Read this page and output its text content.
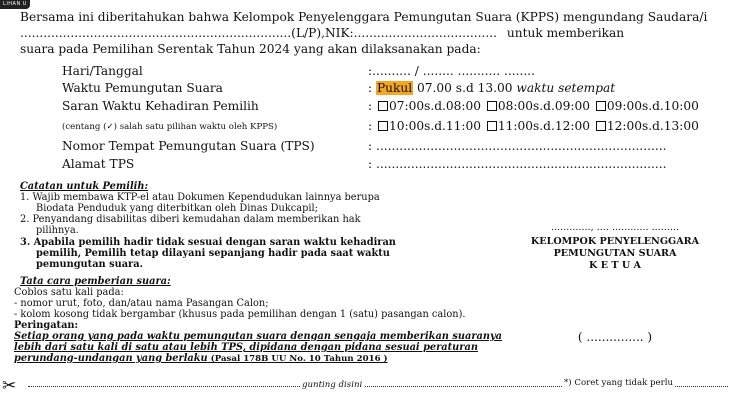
LIHAN U
Bersama ini diberitahukan bahwa Kelompok Penyelenggara Pemungutan Suara (KPPS) mengundang Saudara/i
......................................................................(L/P),NIK:..................................... untuk memberikan
suara pada Pemilihan Serentak Tahun 2024 yang akan dilaksanakan pada:
Hari/Tanggal	:.......... / ........ ........... ........
Waktu Pemungutan Suara	: Pukul 07.00 s.d 13.00 waktu setempat
Saran Waktu Kehadiran Pemilih	: 07:00s.d.08:00 08:00s.d.09:00 09:00s.d.10:00
(centang (✓) salah satu pilihan waktu oleh KPPS)	: 10:00s.d.11:00 11:00s.d.12:00 12:00s.d.13:00
Nomor Tempat Pemungutan Suara (TPS)	: ...........................................................................
Alamat TPS	: ...........................................................................
Catatan untuk Pemilih:
1. Wajib membawa KTP-el atau Dokumen Kependudukan lainnya berupa
Biodata Penduduk yang diterbitkan oleh Dinas Dukcapil;
2. Penyandang disabilitas diberi kemudahan dalam memberikan hak
pilihnya.
3. Apabila pemilih hadir tidak sesuai dengan saran waktu kehadiran
pemilih, Pemilih tetap dilayani sepanjang hadir pada saat waktu
pemungutan suara.
............., .... ............ .........
KELOMPOK PENYELENGGARA
PEMUNGUTAN SUARA
K E T U A
( ............... )
Tata cara pemberian suara:
Coblos satu kali pada:
- nomor urut, foto, dan/atau nama Pasangan Calon;
- kolom kosong tidak bergambar (khusus pada pemilihan dengan 1 (satu) pasangan calon).
Peringatan:
Setiap orang yang pada waktu pemungutan suara dengan sengaja memberikan suaranya
lebih dari satu kali di satu atau lebih TPS, dipidana dengan pidana sesuai peraturan
perundang-undangan yang berlaku (Pasal 178B UU No. 10 Tahun 2016 )
✂	gunting disini	*) Coret yang tidak perlu
